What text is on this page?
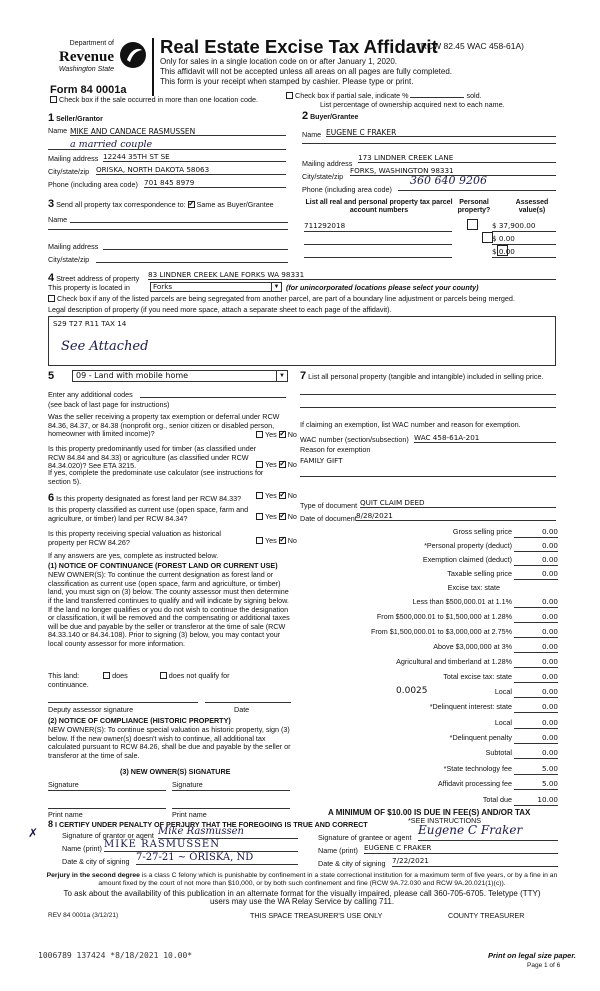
Department of
Revenue
Washington State
Form 84 0001a
Real Estate Excise Tax Affidavit
(RCW 82.45 WAC 458-61A)
Only for sales in a single location code on or after January 1, 2020.
This affidavit will not be accepted unless all areas on all pages are fully completed.
This form is your receipt when stamped by cashier. Please type or print.
Check box if the sale occurred in more than one location code.	Check box if partial sale, indicate %	sold.
List percentage of ownership acquired next to each name.
1 Seller/Grantor
Name MIKE AND CANDACE RASMUSSEN
a married couple
Mailing address 12244 35TH ST SE
City/state/zip ORISKA, NORTH DAKOTA 58063
Phone (including area code) 701 845 8979
2 Buyer/Grantee
Name EUGENE C FRAKER
Mailing address
173 LINDNER CREEK LANE
City/state/zip
FORKS, WASHINGTON 98331
Phone (including area code)
360 640 9206
3 Send all property tax correspondence to: ✓ Same as Buyer/Grantee
Name
Mailing address
City/state/zip
List all real and personal property tax parcel account numbers
Personal property?
Assessed value(s)
711292018
	$ 37,900.00

$ 0.00
$ 0.00
4 Street address of property 83 LINDNER CREEK LANE FORKS WA 98331
This property is located in	Forks	▼ (for unincorporated locations please select your county)
Check box if any of the listed parcels are being segregated from another parcel, are part of a boundary line adjustment or parcels being merged.
Legal description of property (if you need more space, attach a separate sheet to each page of the affidavit).
S29 T27 R11 TAX 14
See Attached
5	09 - Land with mobile home	▼
Enter any additional codes
(see back of last page for instructions)
Was the seller receiving a property tax exemption or deferral under RCW 84.36, 84.37, or 84.38 (nonprofit org., senior citizen or disabled person, homeowner with limited income)?	Yes ✓ No
Is this property predominantly used for timber (as classified under RCW 84.84 and 84.33) or agriculture (as classified under RCW 84.34.020)? See ETA 3215.	Yes ✓ No
If yes, complete the predominate use calculator (see instructions for section 5).
6 Is this property designated as forest land per RCW 84.33?	Yes ✓ No
Is this property classified as current use (open space, farm and agriculture, or timber) land per RCW 84.34?	Yes ✓ No
Is this property receiving special valuation as historical property per RCW 84.26?	Yes ✓ No
If any answers are yes, complete as instructed below.
(1) NOTICE OF CONTINUANCE (FOREST LAND OR CURRENT USE)
NEW OWNER(S): To continue the current designation as forest land or classification as current use (open space, farm and agriculture, or timber) land, you must sign on (3) below. The county assessor must then determine if the land transferred continues to qualify and will indicate by signing below. If the land no longer qualifies or you do not wish to continue the designation or classification, it will be removed and the compensating or additional taxes will be due and payable by the seller or transferor at the time of sale (RCW 84.33.140 or 84.34.108). Prior to signing (3) below, you may contact your local county assessor for more information.
This land:	does	does not qualify for
continuance.
Deputy assessor signature	Date
(2) NOTICE OF COMPLIANCE (HISTORIC PROPERTY)
NEW OWNER(S): To continue special valuation as historic property, sign (3) below. If the new owner(s) doesn't wish to continue, all additional tax calculated pursuant to RCW 84.26, shall be due and payable by the seller or transferor at the time of sale.
(3) NEW OWNER(S) SIGNATURE
Signature	Signature
Print name	Print name
7 List all personal property (tangible and intangible) included in selling price.
If claiming an exemption, list WAC number and reason for exemption.
WAC number (section/subsection) WAC 458-61A-201
Reason for exemption
FAMILY GIFT
Type of document QUIT CLAIM DEED
Date of document 8/28/2021
Gross selling price	0.00
*Personal property (deduct)	0.00
Exemption claimed (deduct)	0.00
Taxable selling price	0.00
Excise tax: state
Less than $500,000.01 at 1.1%	0.00
From $500,000.01 to $1,500,000 at 1.28%	0.00
From $1,500,000.01 to $3,000,000 at 2.75%	0.00
Above $3,000,000 at 3%	0.00
Agricultural and timberland at 1.28%	0.00
Total excise tax: state	0.00
0.0025	Local	0.00
*Delinquent interest: state	0.00
Local	0.00
*Delinquent penalty	0.00
Subtotal	0.00
*State technology fee	5.00
Affidavit processing fee	5.00
Total due	10.00
A MINIMUM OF $10.00 IS DUE IN FEE(S) AND/OR TAX
*SEE INSTRUCTIONS
8 I CERTIFY UNDER PENALTY OF PERJURY THAT THE FOREGOING IS TRUE AND CORRECT
✗	Signature of grantor or agent Mike Rasmussen
Name (print) MIKE RASMUSSEN
Date & city of signing 7-27-21 ~ ORISKA, ND
Signature of grantee or agent
Eugene C Fraker
Name (print) EUGENE C FRAKER
Date & city of signing 7/22/2021
Perjury in the second degree is a class C felony which is punishable by confinement in a state correctional institution for a maximum term of five years, or by a fine in an amount fixed by the court of not more than $10,000, or by both such confinement and fine (RCW 9A.72.030 and RCW 9A.20.021(1)(c)).
To ask about the availability of this publication in an alternate format for the visually impaired, please call 360-705-6705. Teletype (TTY) users may use the WA Relay Service by calling 711.
REV 84 0001a (3/12/21)	THIS SPACE TREASURER'S USE ONLY	COUNTY TREASURER
1006789 137424 *8/18/2021 10.00*	Print on legal size paper.
Page 1 of 6
